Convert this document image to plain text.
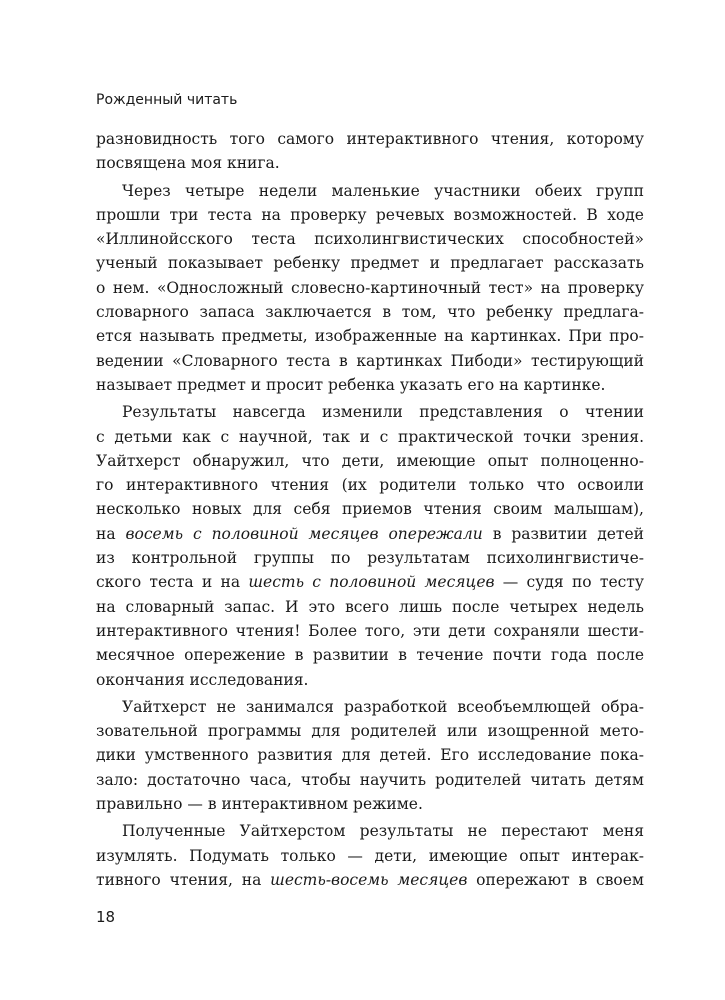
Рожденный читать
разновидность того самого интерактивного чтения, которому
посвящена моя книга.
Через четыре недели маленькие участники обеих групп
прошли три теста на проверку речевых возможностей. В ходе
«Иллинойсского теста психолингвистических способностей»
ученый показывает ребенку предмет и предлагает рассказать
о нем. «Односложный словесно-картиночный тест» на проверку
словарного запаса заключается в том, что ребенку предлага-
ется называть предметы, изображенные на картинках. При про-
ведении «Словарного теста в картинках Пибоди» тестирующий
называет предмет и просит ребенка указать его на картинке.
Результаты навсегда изменили представления о чтении
с детьми как с научной, так и с практической точки зрения.
Уайтхерст обнаружил, что дети, имеющие опыт полноценно-
го интерактивного чтения (их родители только что освоили
несколько новых для себя приемов чтения своим малышам),
на восемь с половиной месяцев опережали в развитии детей
из контрольной группы по результатам психолингвистиче-
ского теста и на шесть с половиной месяцев — судя по тесту
на словарный запас. И это всего лишь после четырех недель
интерактивного чтения! Более того, эти дети сохраняли шести-
месячное опережение в развитии в течение почти года после
окончания исследования.
Уайтхерст не занимался разработкой всеобъемлющей обра-
зовательной программы для родителей или изощренной мето-
дики умственного развития для детей. Его исследование пока-
зало: достаточно часа, чтобы научить родителей читать детям
правильно — в интерактивном режиме.
Полученные Уайтхерстом результаты не перестают меня
изумлять. Подумать только — дети, имеющие опыт интерак-
тивного чтения, на шесть-восемь месяцев опережают в своем
18
